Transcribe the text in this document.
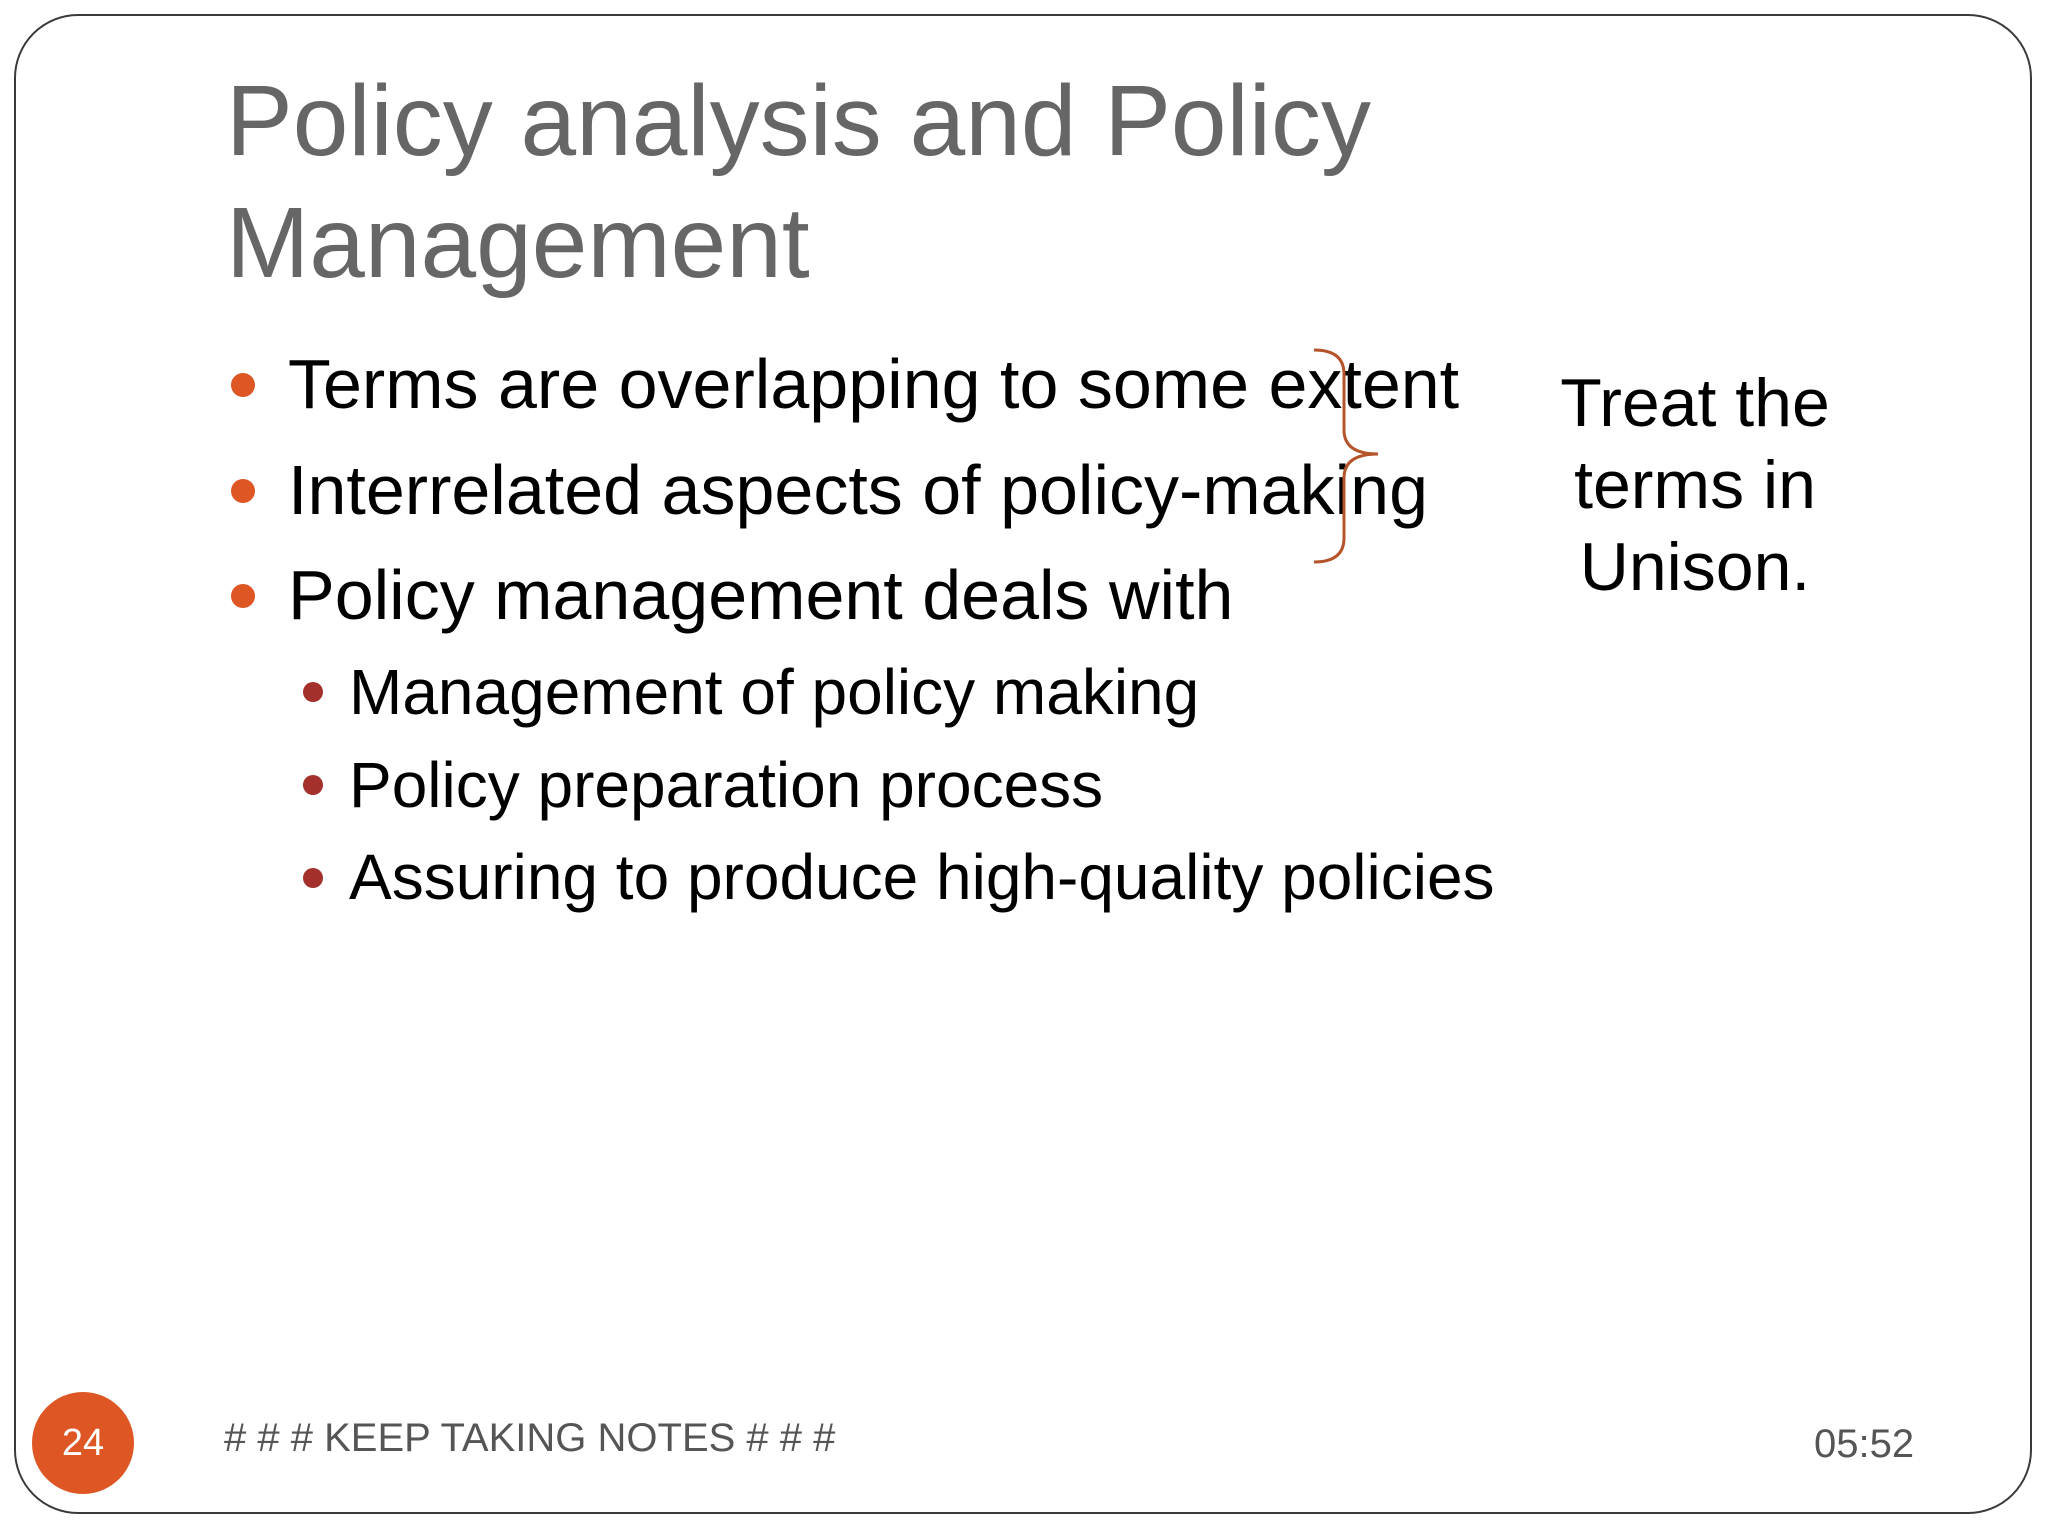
Policy analysis and Policy
Management
Terms are overlapping to some extent
Interrelated aspects of policy-making
Policy management deals with
Management of policy making
Policy preparation process
Assuring to produce high-quality policies
Treat the
terms in
Unison.
24	# # # KEEP TAKING NOTES # # #	05:52
